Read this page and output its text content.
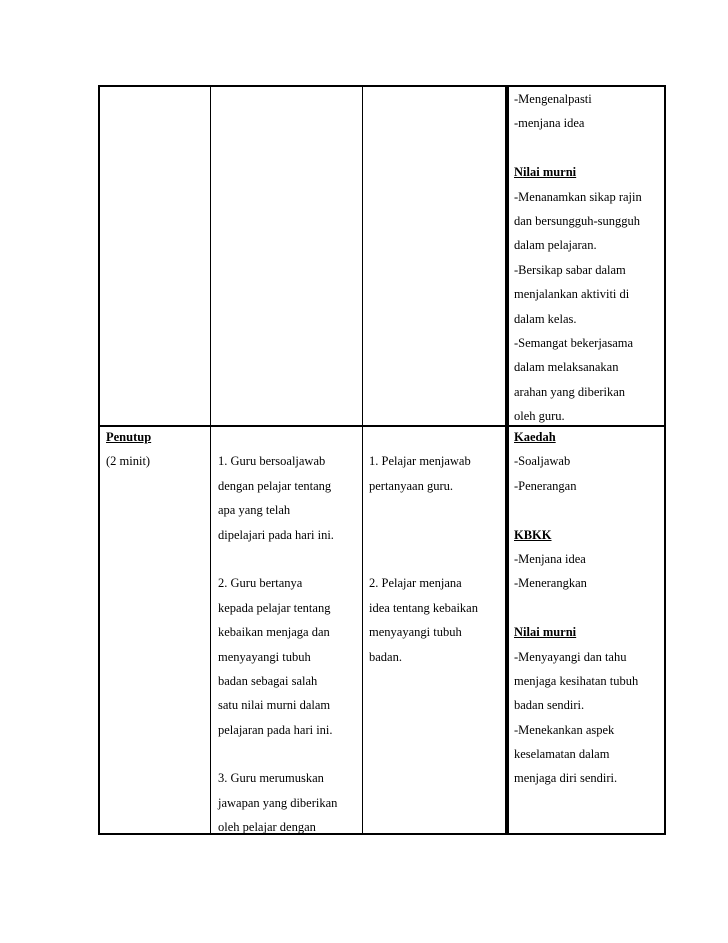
-Mengenalpasti
-menjana idea
Nilai murni
-Menanamkan sikap rajin
dan bersungguh-sungguh
dalam pelajaran.
-Bersikap sabar dalam
menjalankan aktiviti di
dalam kelas.
-Semangat bekerjasama
dalam melaksanakan
arahan yang diberikan
oleh guru.
Penutup
(2 minit)	1. Guru bersoaljawab
dengan pelajar tentang
apa yang telah
dipelajari pada hari ini.
2. Guru bertanya
kepada pelajar tentang
kebaikan menjaga dan
menyayangi tubuh
badan sebagai salah
satu nilai murni dalam
pelajaran pada hari ini.
3. Guru merumuskan
jawapan yang diberikan
oleh pelajar dengan
1. Pelajar menjawab
pertanyaan guru.
2. Pelajar menjana
idea tentang kebaikan
menyayangi tubuh
badan.
Kaedah
-Soaljawab
-Penerangan
KBKK
-Menjana idea
-Menerangkan
Nilai murni
-Menyayangi dan tahu
menjaga kesihatan tubuh
badan sendiri.
-Menekankan aspek
keselamatan dalam
menjaga diri sendiri.
